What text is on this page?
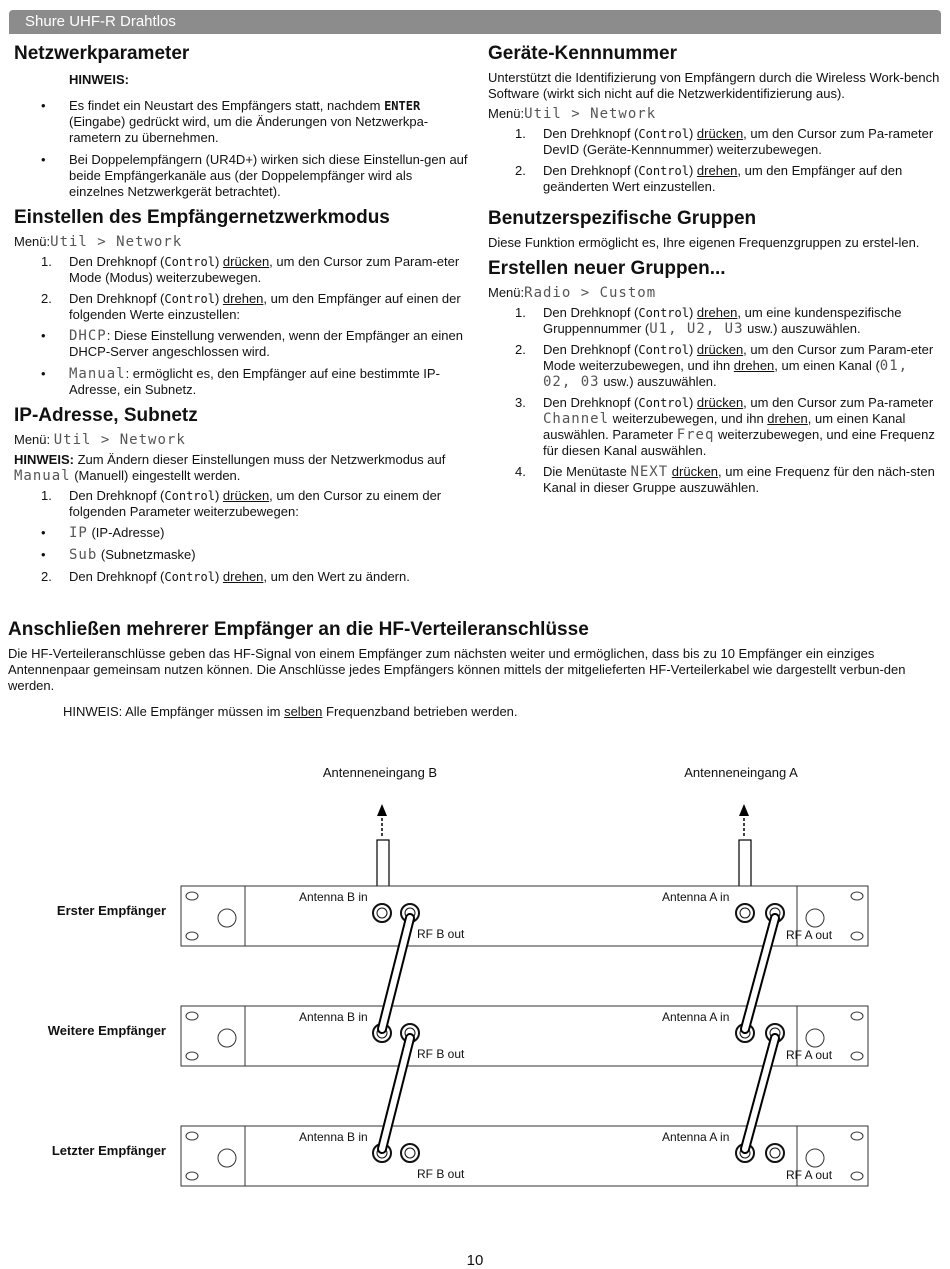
Shure UHF-R Drahtlos
Netzwerkparameter

HINWEIS:

• Es findet ein Neustart des Empfängers statt, nachdem ENTER (Eingabe) gedrückt wird, um die Änderungen von Netzwerkpa-rametern zu übernehmen.
• Bei Doppelempfängern (UR4D+) wirken sich diese Einstellun-gen auf beide Empfängerkanäle aus (der Doppelempfänger wird als einzelnes Netzwerkgerät betrachtet).
Einstellen des Empfängernetzwerkmodus

Menü:Util > Network

1. Den Drehknopf (Control) drücken, um den Cursor zum Param-eter Mode (Modus) weiterzubewegen.
2. Den Drehknopf (Control) drehen, um den Empfänger auf einen der folgenden Werte einzustellen:
• DHCP: Diese Einstellung verwenden, wenn der Empfänger an einen DHCP-Server angeschlossen wird.
• Manual: ermöglicht es, den Empfänger auf eine bestimmte IP-Adresse, ein Subnetz.
IP-Adresse, Subnetz

Menü: Util > Network

HINWEIS: Zum Ändern dieser Einstellungen muss der Netzwerkmodus auf Manual (Manuell) eingestellt werden.

1. Den Drehknopf (Control) drücken, um den Cursor zu einem der folgenden Parameter weiterzubewegen:
• IP (IP-Adresse)
• Sub (Subnetzmaske)
2. Den Drehknopf (Control) drehen, um den Wert zu ändern.
Geräte-Kennnummer

Unterstützt die Identifizierung von Empfängern durch die Wireless Work-bench Software (wirkt sich nicht auf die Netzwerkidentifizierung aus).

Menü:Util > Network

1. Den Drehknopf (Control) drücken, um den Cursor zum Pa-rameter DevID (Geräte-Kennnummer) weiterzubewegen.
2. Den Drehknopf (Control) drehen, um den Empfänger auf den geänderten Wert einzustellen.
Benutzerspezifische Gruppen

Diese Funktion ermöglicht es, Ihre eigenen Frequenzgruppen zu erstel-len.

Erstellen neuer Gruppen...

Menü:Radio > Custom

1. Den Drehknopf (Control) drehen, um eine kundenspezifische Gruppennummer (U1, U2, U3 usw.) auszuwählen.
2. Den Drehknopf (Control) drücken, um den Cursor zum Param-eter Mode weiterzubewegen, und ihn drehen, um einen Kanal (01, 02, 03 usw.) auszuwählen.
3. Den Drehknopf (Control) drücken, um den Cursor zum Pa-rameter Channel weiterzubewegen, und ihn drehen, um einen Kanal auswählen. Parameter Freq weiterzubewegen, und eine Frequenz für diesen Kanal auswählen.
4. Die Menütaste NEXT drücken, um eine Frequenz für den näch-sten Kanal in dieser Gruppe auszuwählen.
Anschließen mehrerer Empfänger an die HF-Verteileranschlüsse

Die HF-Verteileranschlüsse geben das HF-Signal von einem Empfänger zum nächsten weiter und ermöglichen, dass bis zu 10 Empfänger ein einziges Antennenpaar gemeinsam nutzen können. Die Anschlüsse jedes Empfängers können mittels der mitgelieferten HF-Verteilerkabel wie dargestellt verbun-den werden.

HINWEIS: Alle Empfänger müssen im selben Frequenzband betrieben werden.

Antenneneingang B	Antenneneingang A
Erster Empfänger
Antenna B in
RF B out
Antenna A in
RF A out
Weitere Empfänger
Antenna B in
RF B out
Antenna A in
RF A out
Letzter Empfänger
Antenna B in
RF B out
Antenna A in
RF A out
10
